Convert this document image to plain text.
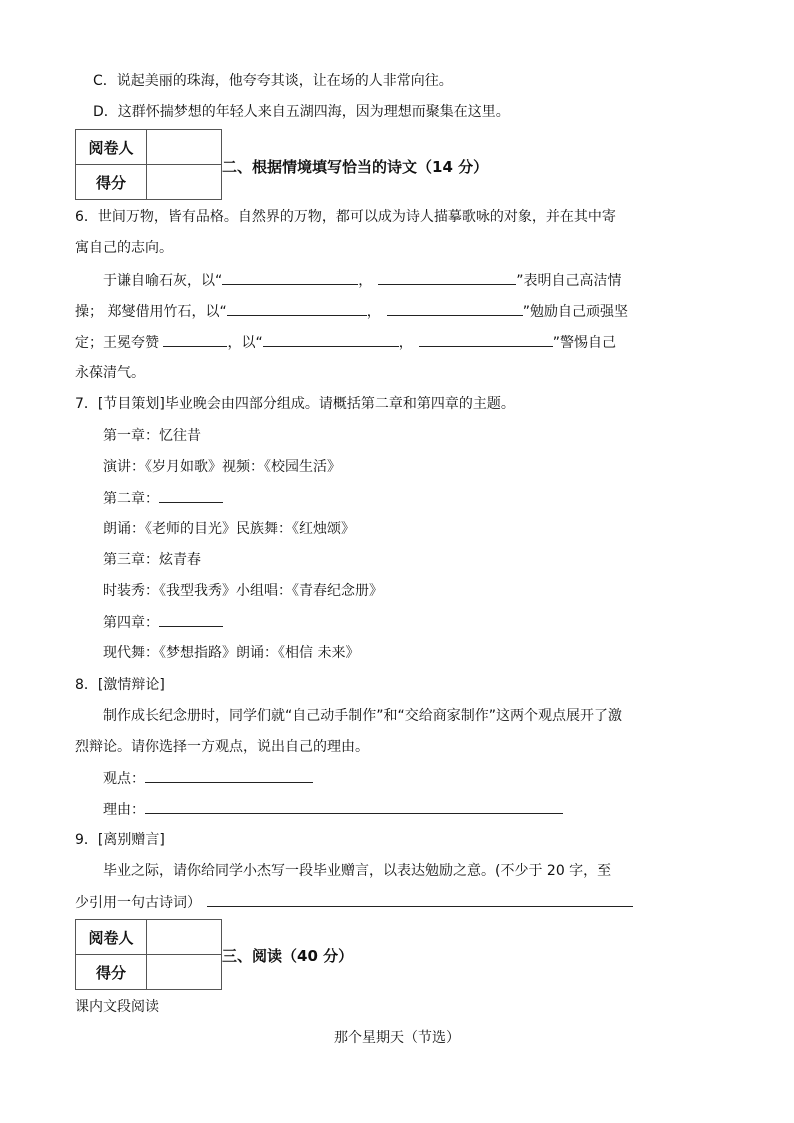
C．说起美丽的珠海，他夸夸其谈，让在场的人非常向往。
D．这群怀揣梦想的年轻人来自五湖四海，因为理想而聚集在这里。
阅卷人	
得分	
二、根据情境填写恰当的诗文（14 分）
6．世间万物，皆有品格。自然界的万物，都可以成为诗人描摹歌咏的对象，并在其中寄
寓自己的志向。
于谦自喻石灰，以“	，	”表明自己高洁情
操； 郑燮借用竹石，以“	，	”勉励自己顽强坚
定；王冕夸赞	，以“	，	”警惕自己
永葆清气。
7．[节目策划]毕业晚会由四部分组成。请概括第二章和第四章的主题。
第一章：忆往昔
演讲：《岁月如歌》视频：《校园生活》
第二章：
朗诵：《老师的目光》民族舞：《红烛颂》
第三章：炫青春
时装秀：《我型我秀》小组唱：《青春纪念册》
第四章：
现代舞：《梦想指路》朗诵：《相信 未来》
8．[激情辩论]
制作成长纪念册时，同学们就“自己动手制作”和“交给商家制作”这两个观点展开了激
烈辩论。请你选择一方观点，说出自己的理由。
观点：
理由：
9．[离别赠言]
毕业之际，请你给同学小杰写一段毕业赠言，以表达勉励之意。(不少于 20 字，至
少引用一句古诗词）
阅卷人	
得分	
三、阅读（40 分）
课内文段阅读
那个星期天（节选）
